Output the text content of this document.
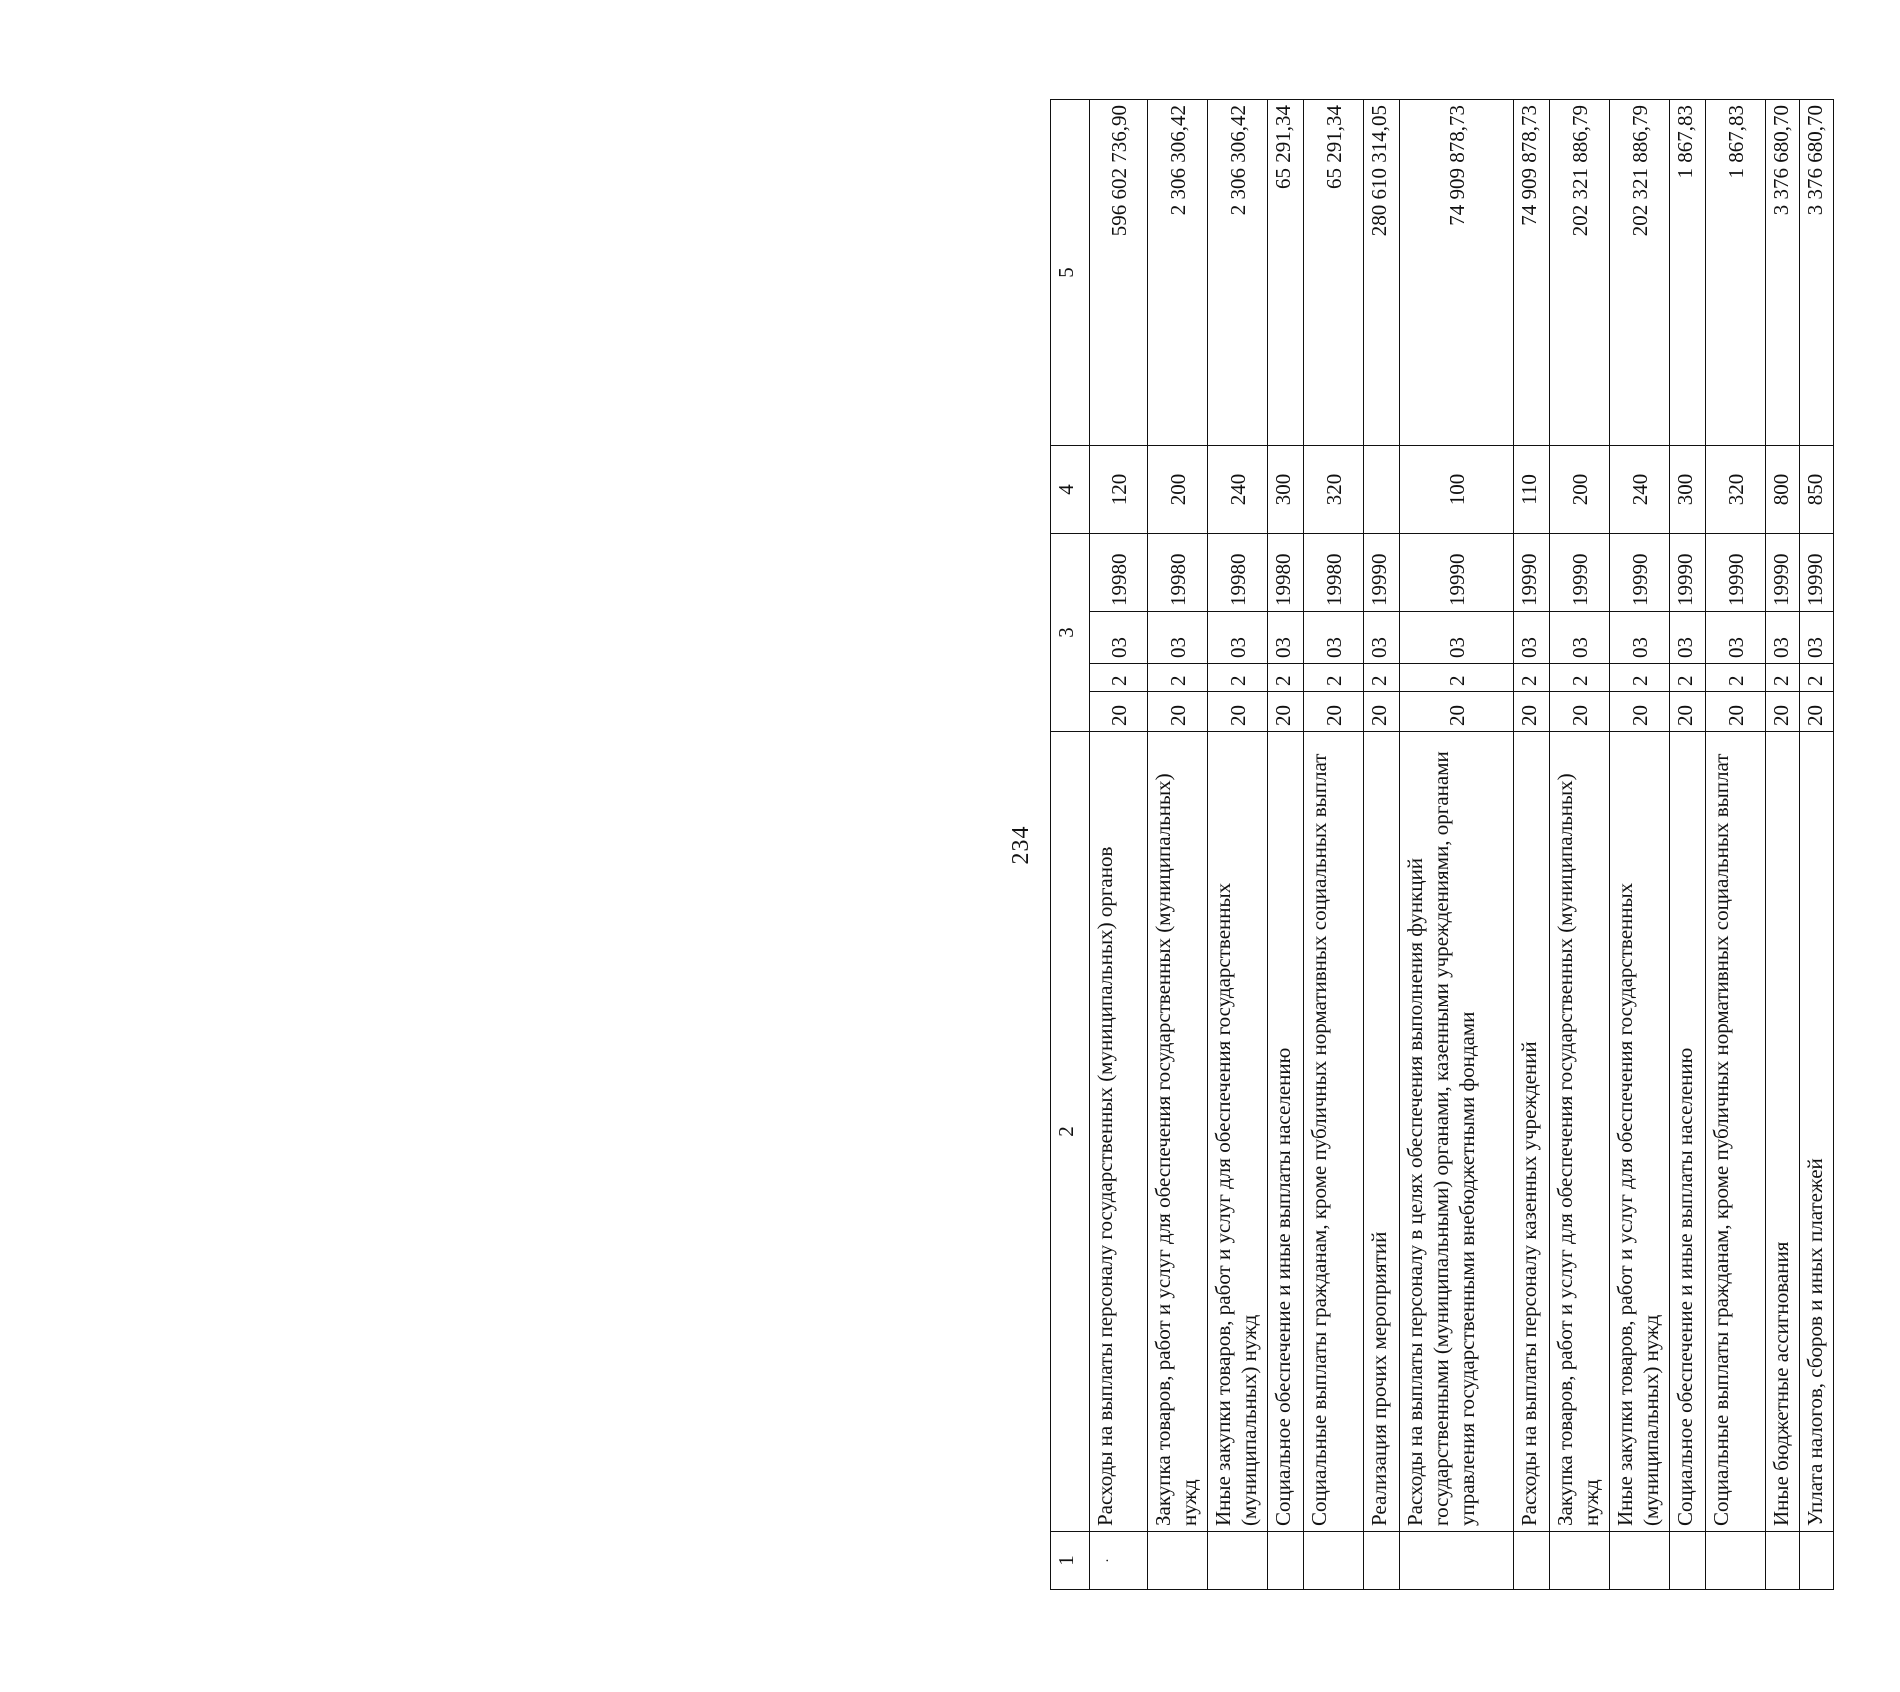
234
1	2	3				4	5
.	Расходы на выплаты персоналу государственных (муниципальных) органов	20	2	03	19980	120	596 602 736,90
	Закупка товаров, работ и услуг для обеспечения государственных (муниципальных) нужд	20	2	03	19980	200	2 306 306,42
	Иные закупки товаров, работ и услуг для обеспечения государственных (муниципальных) нужд	20	2	03	19980	240	2 306 306,42
	Социальное обеспечение и иные выплаты населению	20	2	03	19980	300	65 291,34
	Социальные выплаты гражданам, кроме публичных нормативных социальных выплат	20	2	03	19980	320	65 291,34
	Реализация прочих мероприятий	20	2	03	19990		280 610 314,05
	Расходы на выплаты персоналу в целях обеспечения выполнения функций государственными (муниципальными) органами, казенными учреждениями, органами управления государственными внебюджетными фондами	20	2	03	19990	100	74 909 878,73
	Расходы на выплаты персоналу казенных учреждений	20	2	03	19990	110	74 909 878,73
	Закупка товаров, работ и услуг для обеспечения государственных (муниципальных) нужд	20	2	03	19990	200	202 321 886,79
	Иные закупки товаров, работ и услуг для обеспечения государственных (муниципальных) нужд	20	2	03	19990	240	202 321 886,79
	Социальное обеспечение и иные выплаты населению	20	2	03	19990	300	1 867,83
	Социальные выплаты гражданам, кроме публичных нормативных социальных выплат	20	2	03	19990	320	1 867,83
	Иные бюджетные ассигнования	20	2	03	19990	800	3 376 680,70
	Уплата налогов, сборов и иных платежей	20	2	03	19990	850	3 376 680,70
